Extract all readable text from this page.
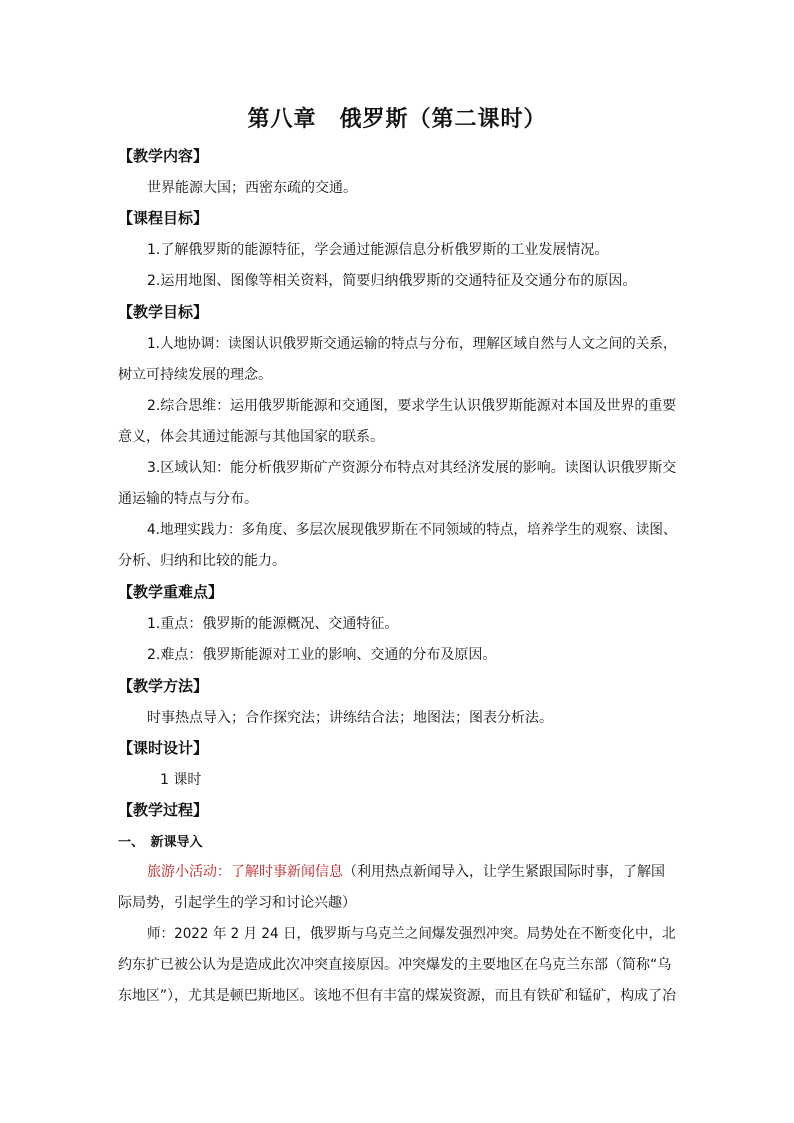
第八章　俄罗斯（第二课时）
【教学内容】
世界能源大国；西密东疏的交通。
【课程目标】
1.了解俄罗斯的能源特征，学会通过能源信息分析俄罗斯的工业发展情况。
2.运用地图、图像等相关资料，简要归纳俄罗斯的交通特征及交通分布的原因。
【教学目标】
1.人地协调：读图认识俄罗斯交通运输的特点与分布，理解区域自然与人文之间的关系，
树立可持续发展的理念。
2.综合思维：运用俄罗斯能源和交通图，要求学生认识俄罗斯能源对本国及世界的重要
意义，体会其通过能源与其他国家的联系。
3.区域认知：能分析俄罗斯矿产资源分布特点对其经济发展的影响。读图认识俄罗斯交
通运输的特点与分布。
4.地理实践力：多角度、多层次展现俄罗斯在不同领域的特点，培养学生的观察、读图、
分析、归纳和比较的能力。
【教学重难点】
1.重点：俄罗斯的能源概况、交通特征。
2.难点：俄罗斯能源对工业的影响、交通的分布及原因。
【教学方法】
时事热点导入；合作探究法；讲练结合法；地图法；图表分析法。
【课时设计】
1 课时
【教学过程】
一、　新课导入
旅游小活动：了解时事新闻信息（利用热点新闻导入，让学生紧跟国际时事，了解国
际局势，引起学生的学习和讨论兴趣）
师：2022 年 2 月 24 日，俄罗斯与乌克兰之间爆发强烈冲突。局势处在不断变化中，北
约东扩已被公认为是造成此次冲突直接原因。冲突爆发的主要地区在乌克兰东部（简称“乌
东地区”），尤其是顿巴斯地区。该地不但有丰富的煤炭资源，而且有铁矿和锰矿，构成了冶
